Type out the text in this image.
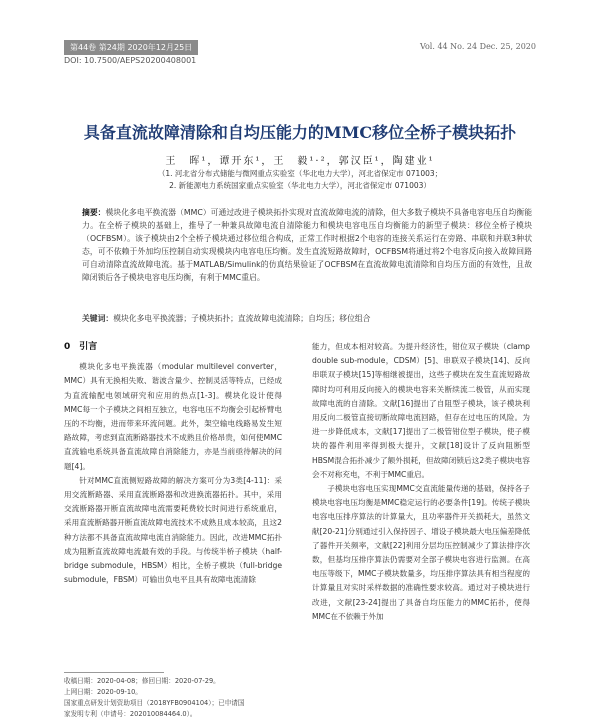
第44卷 第24期 2020年12月25日
DOI: 10.7500/AEPS20200408001
Vol. 44 No. 24 Dec. 25, 2020
具备直流故障清除和自均压能力的MMC移位全桥子模块拓扑
王　晖¹，谭开东¹，王　毅¹·²，郭汉臣¹，陶建业¹
（1. 河北省分布式储能与微网重点实验室（华北电力大学），河北省保定市 071003；
2. 新能源电力系统国家重点实验室（华北电力大学），河北省保定市 071003）
摘要：模块化多电平换流器（MMC）可通过改进子模块拓扑实现对直流故障电流的清除，但大多数子模块不具备电容电压自均衡能力。在全桥子模块的基础上，推导了一种兼具故障电流自清除能力和模块电容电压自均衡能力的新型子模块：移位全桥子模块（OCFBSM）。该子模块由2个全桥子模块通过移位组合构成，正常工作时根据2个电容的连接关系运行在旁路、串联和并联3种状态，可不依赖于外加均压控制自动实现模块内电容电压均衡。发生直流短路故障时，OCFBSM将通过将2个电容反向接入故障回路可自动清除直流故障电流。基于MATLAB/Simulink的仿真结果验证了OCFBSM在直流故障电流清除和自均压方面的有效性，且故障闭锁后各子模块电容电压均衡，有利于MMC重启。
关键词：模块化多电平换流器；子模块拓扑；直流故障电流清除；自均压；移位组合
0　引言

模块化多电平换流器（modular multilevel converter，MMC）具有无换相失败、谐波含量少、控制灵活等特点，已经成为直流输配电领域研究和应用的热点[1-3]。模块化设计使得MMC每一个子模块之间相互独立，电容电压不均衡会引起桥臂电压的不均衡，进而带来环流问题。此外，架空输电线路易发生短路故障，考虑到直流断路器技术不成熟且价格昂贵，如何使MMC直流输电系统具备直流故障自消除能力，亦是当前亟待解决的问题[4]。

针对MMC直流侧短路故障的解决方案可分为3类[4-11]：采用交流断路器、采用直流断路器和改进换流器拓扑。其中，采用交流断路器开断直流故障电流需要耗费较长时间进行系统重启，采用直流断路器开断直流故障电流技术不成熟且成本较高，且这2种方法都不具备直流故障电流自消除能力。因此，改进MMC拓扑成为阻断直流故障电流最有效的手段。与传统半桥子模块（half-bridge submodule，HBSM）相比，全桥子模块（full-bridge submodule，FBSM）可输出负电平且具有故障电流清除

能力，但成本相对较高。为提升经济性，钳位双子模块（clamp double sub-module，CDSM）[5]、串联双子模块[14]、反向串联双子模块[15]等相继被提出，这些子模块在发生直流短路故障时均可利用反向接入的模块电容来关断续流二极管，从而实现故障电流的自清除。文献[16]提出了自阻型子模块，该子模块利用反向二极管直接切断故障电流回路，但存在过电压的风险。为进一步降低成本，文献[17]提出了二极管钳位型子模块，使子模块的器件利用率得到极大提升，文献[18]设计了反向阻断型HBSM混合拓扑减少了额外损耗，但故障闭锁后这2类子模块电容会不对称充电，不利于MMC重启。

子模块电容电压实现MMC交直流能量传递的基础，保持各子模块电容电压均衡是MMC稳定运行的必要条件[19]。传统子模块电容电压排序算法的计算量大，且功率器件开关损耗大，虽然文献[20-21]分别通过引入保持因子、增设子模块最大电压偏差降低了器件开关频率，文献[22]利用分层均压控制减少了算法排序次数，但基均压排序算法仍需要对全部子模块电容进行监测。在高电压等级下，MMC子模块数量多，均压排序算法具有相当程度的计算量且对实时采样数据的准确性要求较高。通过对子模块进行改进，文献[23-24]提出了具备自均压能力的MMC拓扑，使得MMC在不依赖于外加

收稿日期：2020-04-08；修回日期：2020-07-29。
上网日期：2020-09-10。
国家重点研发计划资助项目（2018YFB0904104）；已申请国
家发明专利（申请号：202010084464.0）。
